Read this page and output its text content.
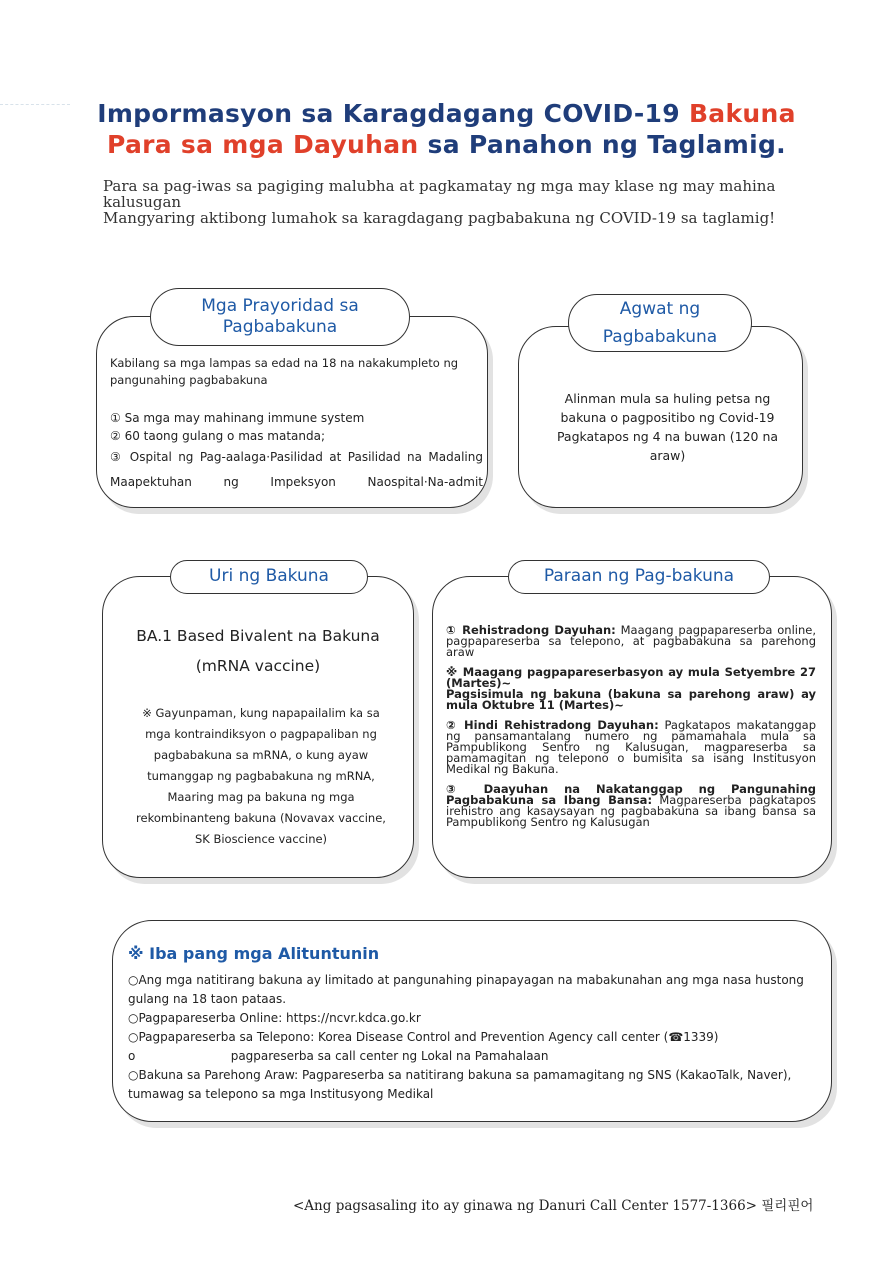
Impormasyon sa Karagdagang COVID-19 Bakuna
Para sa mga Dayuhan sa Panahon ng Taglamig.
Para sa pag-iwas sa pagiging malubha at pagkamatay ng mga may klase ng may mahina kalusugan
Mangyaring aktibong lumahok sa karagdagang pagbabakuna ng COVID-19 sa taglamig!
Mga Prayoridad sa Pagbabakuna
Kabilang sa mga lampas sa edad na 18 na nakakumpleto ng pangunahing pagbabakuna

① Sa mga may mahinang immune system

② 60 taong gulang o mas matanda;

③ Ospital ng Pag-aalaga·Pasilidad at Pasilidad na Madaling Maapektuhan ng Impeksyon Naospital·Na-admit

Agwat ng Pagbabakuna
Alinman mula sa huling petsa ng bakuna o pagpositibo ng Covid-19 Pagkatapos ng 4 na buwan (120 na araw)
Uri ng Bakuna
BA.1 Based Bivalent na Bakuna
(mRNA vaccine)
※ Gayunpaman, kung napapailalim ka sa mga kontraindiksyon o pagpapaliban ng pagbabakuna sa mRNA, o kung ayaw tumanggap ng pagbabakuna ng mRNA, Maaring mag pa bakuna ng mga rekombinanteng bakuna (Novavax vaccine, SK Bioscience vaccine)
Paraan ng Pag-bakuna

① Rehistradong Dayuhan: Maagang pagpapareserba online, pagpapareserba sa telepono, at pagbabakuna sa parehong araw

※ Maagang pagpapareserbasyon ay mula Setyembre 27 (Martes)~

Pagsisimula ng bakuna (bakuna sa parehong araw) ay mula Oktubre 11 (Martes)~

② Hindi Rehistradong Dayuhan: Pagkatapos makatanggap ng pansamantalang numero ng pamamahala mula sa Pampublikong Sentro ng Kalusugan, magpareserba sa pamamagitan ng telepono o bumisita sa isang Institusyon Medikal ng Bakuna.

③ Daayuhan na Nakatanggap ng Pangunahing Pagbabakuna sa Ibang Bansa: Magpareserba pagkatapos irehistro ang kasaysayan ng pagbabakuna sa ibang bansa sa Pampublikong Sentro ng Kalusugan

※ Iba pang mga Alituntunin
○Ang mga natitirang bakuna ay limitado at pangunahing pinapayagan na mabakunahan ang mga nasa hustong gulang na 18 taon pataas.
○Pagpapareserba Online: https://ncvr.kdca.go.kr
○Pagpapareserba sa Telepono: Korea Disease Control and Prevention Agency call center (☎1339)
o                         pagpareserba sa call center ng Lokal na Pamahalaan
○Bakuna sa Parehong Araw: Pagpareserba sa natitirang bakuna sa pamamagitang ng SNS (KakaoTalk, Naver), tumawag sa telepono sa mga Institusyong Medikal
<Ang pagsasaling ito ay ginawa ng Danuri Call Center 1577-1366> 필리핀어
